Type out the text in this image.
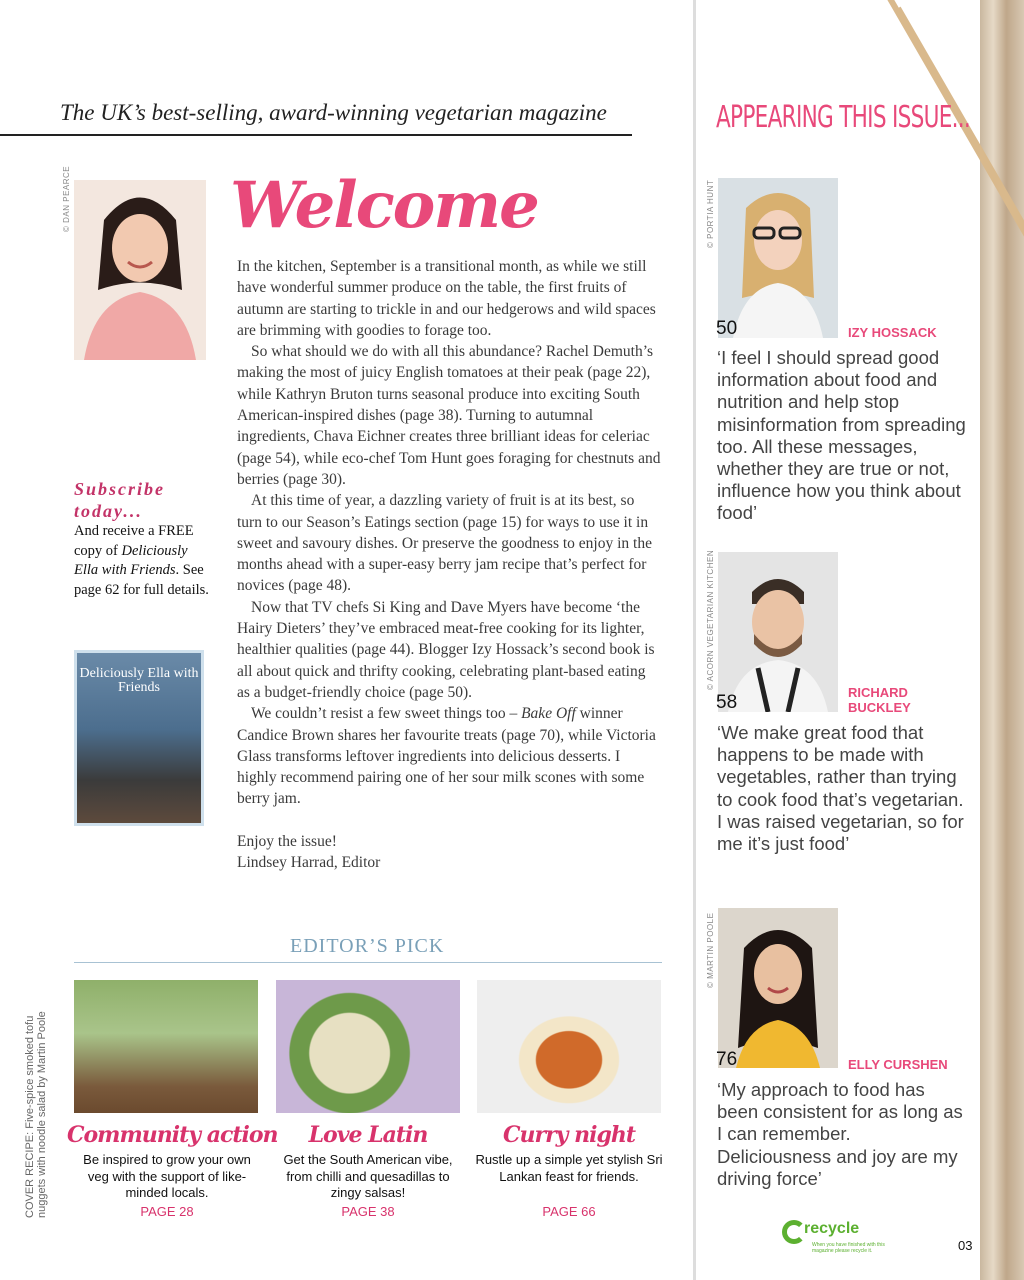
The UK’s best-selling, award-winning vegetarian magazine
© DAN PEARCE Welcome

In the kitchen, September is a transitional month, as while we still have wonderful summer produce on the table, the first fruits of autumn are starting to trickle in and our hedgerows and wild spaces are brimming with goodies to forage too.

So what should we do with all this abundance? Rachel Demuth’s making the most of juicy English tomatoes at their peak (page 22), while Kathryn Bruton turns seasonal produce into exciting South American-inspired dishes (page 38). Turning to autumnal ingredients, Chava Eichner creates three brilliant ideas for celeriac (page 54), while eco-chef Tom Hunt goes foraging for chestnuts and berries (page 30).

At this time of year, a dazzling variety of fruit is at its best, so turn to our Season’s Eatings section (page 15) for ways to use it in sweet and savoury dishes. Or preserve the goodness to enjoy in the months ahead with a super-easy berry jam recipe that’s perfect for novices (page 48).

Now that TV chefs Si King and Dave Myers have become ‘the Hairy Dieters’ they’ve embraced meat-free cooking for its lighter, healthier qualities (page 44). Blogger Izy Hossack’s second book is all about quick and thrifty cooking, celebrating plant-based eating as a budget-friendly choice (page 50).

We couldn’t resist a few sweet things too – Bake Off winner Candice Brown shares her favourite treats (page 70), while Victoria Glass transforms leftover ingredients into delicious desserts. I highly recommend pairing one of her sour milk scones with some berry jam.

Enjoy the issue!

Lindsey Harrad, Editor

Subscribe today...
And receive a FREE copy of Deliciously Ella with Friends. See page 62 for full details.
Deliciously Ella with Friends
EDITOR’S PICK
Community action
Be inspired to grow your own veg with the support of like-minded locals.
PAGE 28
Love Latin
Get the South American vibe, from chilli and quesadillas to zingy salsas!
PAGE 38
Curry night
Rustle up a simple yet stylish Sri Lankan feast for friends.
PAGE 66
APPEARING THIS ISSUE...
© PORTIA HUNT
50	IZY HOSSACK
‘I feel I should spread good information about food and nutrition and help stop misinformation from spreading too. All these messages, whether they are true or not, influence how you think about food’
© ACORN VEGETARIAN KITCHEN
58	RICHARD BUCKLEY
‘We make great food that happens to be made with vegetables, rather than trying to cook food that’s vegetarian. I was raised vegetarian, so for me it’s just food’
© MARTIN POOLE
76	ELLY CURSHEN
‘My approach to food has been consistent for as long as I can remember. Deliciousness and joy are my driving force’
COVER RECIPE: Five-spice smoked tofu nuggets with noodle salad by Martin Poole
recycle
When you have finished with this magazine please recycle it.	03
